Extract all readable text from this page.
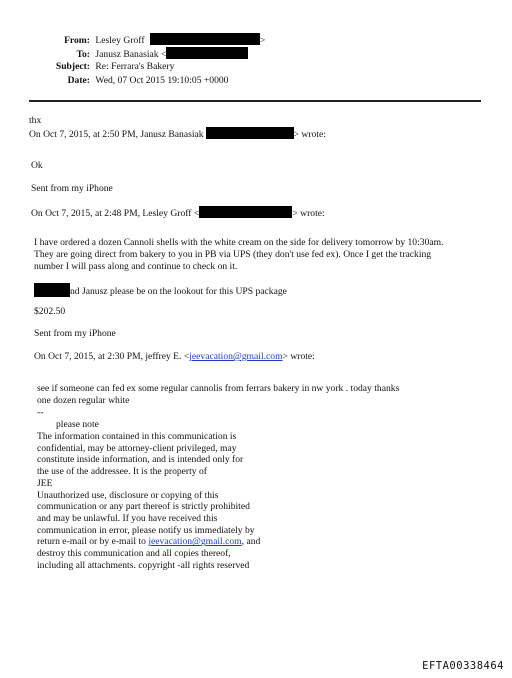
From: Lesley Groff	>
To: Janusz Banasiak <
Subject: Re: Ferrara's Bakery
Date: Wed, 07 Oct 2015 19:10:05 +0000
thx
On Oct 7, 2015, at 2:50 PM, Janusz Banasiak	> wrote:
Ok
Sent from my iPhone
On Oct 7, 2015, at 2:48 PM, Lesley Groff <	> wrote:
I have ordered a dozen Cannoli shells with the white cream on the side for delivery tomorrow by 10:30am.
They are going direct from bakery to you in PB via UPS (they don't use fed ex). Once I get the tracking
number I will pass along and continue to check on it.
nd Janusz please be on the lookout for this UPS package
$202.50
Sent from my iPhone
On Oct 7, 2015, at 2:30 PM, jeffrey E. <jeevacation@gmail.com> wrote:
see if someone can fed ex some regular cannolis from ferrars bakery in nw york . today thanks
one dozen regular white
--
please note
The information contained in this communication is
confidential, may be attorney-client privileged, may
constitute inside information, and is intended only for
the use of the addressee. It is the property of
JEE
Unauthorized use, disclosure or copying of this
communication or any part thereof is strictly prohibited
and may be unlawful. If you have received this
communication in error, please notify us immediately by
return e-mail or by e-mail to jeevacation@gmail.com, and
destroy this communication and all copies thereof,
including all attachments. copyright -all rights reserved
EFTA00338464
